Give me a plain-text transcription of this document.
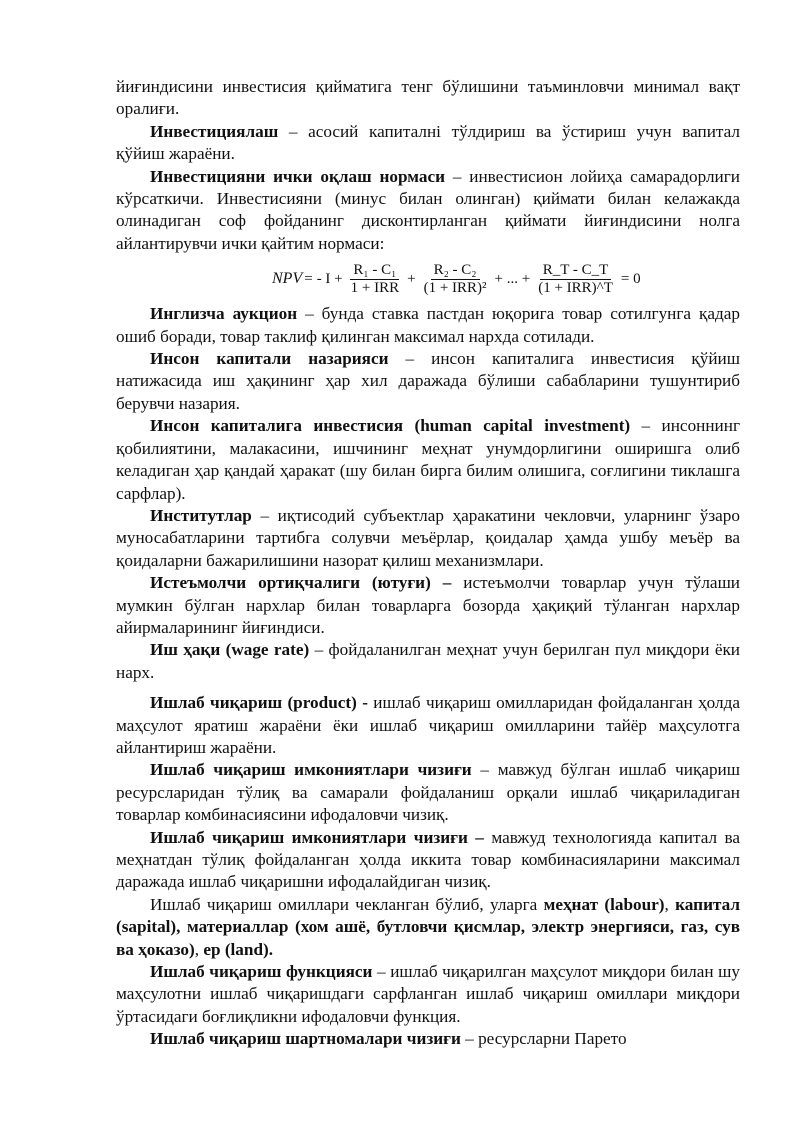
йиғиндисини инвестисия қийматига тенг бўлишини таъминловчи минимал вақт оралиғи.

Инвестициялаш – асосий капиталнi тўлдириш ва ўстириш учун вапитал қўйиш жараёни.

Инвестицияни ички оқлаш нормаси – инвестисион лойиҳа самарадорлиги кўрсаткичи. Инвестисияни (минус билан олинган) қиймати билан келажакда олинадиган соф фойданинг дисконтирланган қиймати йиғиндисини нолга айлантирувчи ички қайтим нормаси:

NPV = - $I + \frac{\text{R₁ - C₁}}{\text{1 + IRR}} + \frac{\text{R₂ - C₂}}{\text{(1 + IRR)²}}$ + ... + $\frac{R\_T - C\_T}{\text{(1 + IRR)\textasciicircum{}T}} = 0$

Инглизча аукцион – бунда ставка пастдан юқорига товар сотилгунга қадар ошиб боради, товар таклиф қилинган максимал нархда сотилади.

Инсон капитали назарияси – инсон капиталига инвестисия қўйиш натижасида иш ҳақининг ҳар хил даражада бўлиши сабабларини тушунтириб берувчи назария.

Инсон капиталига инвестисия (human capital investment) – инсоннинг қобилиятини, малакасини, ишчининг меҳнат унумдорлигини оширишга олиб келадиган ҳар қандай ҳаракат (шу билан бирга билим олишига, соғлигини тиклашга сарфлар).

Институтлар – иқтисодий субъектлар ҳаракатини чекловчи, уларнинг ўзаро муносабатларини тартибга солувчи меъёрлар, қоидалар ҳамда ушбу меъёр ва қоидаларни бажарилишини назорат қилиш механизмлари.

Истеъмолчи ортиқчалиги (ютуғи) – истеъмолчи товарлар учун тўлаши мумкин бўлган нархлар билан товарларга бозорда ҳақиқий тўланган нархлар айирмаларининг йиғиндиси.

Иш ҳақи (wage rate) – фойдаланилган меҳнат учун берилган пул миқдори ёки нарх.

Ишлаб чиқариш (product) - ишлаб чиқариш омилларидан фойдаланган ҳолда маҳсулот яратиш жараёни ёки ишлаб чиқариш омилларини тайёр маҳсулотга айлантириш жараёни.

Ишлаб чиқариш имкониятлари чизиғи – мавжуд бўлган ишлаб чиқариш ресурсларидан тўлиқ ва самарали фойдаланиш орқали ишлаб чиқариладиган товарлар комбинасиясини ифодаловчи чизиқ.

Ишлаб чиқариш имкониятлари чизиғи – мавжуд технологияда капитал ва меҳнатдан тўлиқ фойдаланган ҳолда иккита товар комбинасияларини максимал даражада ишлаб чиқаришни ифодалайдиган чизиқ.

Ишлаб чиқариш омиллари чекланган бўлиб, уларга меҳнат (labour), капитал (sapital), материаллар (хом ашё, бутловчи қисмлар, электр энергияси, газ, сув ва ҳоказо), ер (land).

Ишлаб чиқариш функцияси – ишлаб чиқарилган маҳсулот миқдори билан шу маҳсулотни ишлаб чиқаришдаги сарфланган ишлаб чиқариш омиллари миқдори ўртасидаги боғлиқликни ифодаловчи функция.

Ишлаб чиқариш шартномалари чизиғи – ресурсларни Парето
